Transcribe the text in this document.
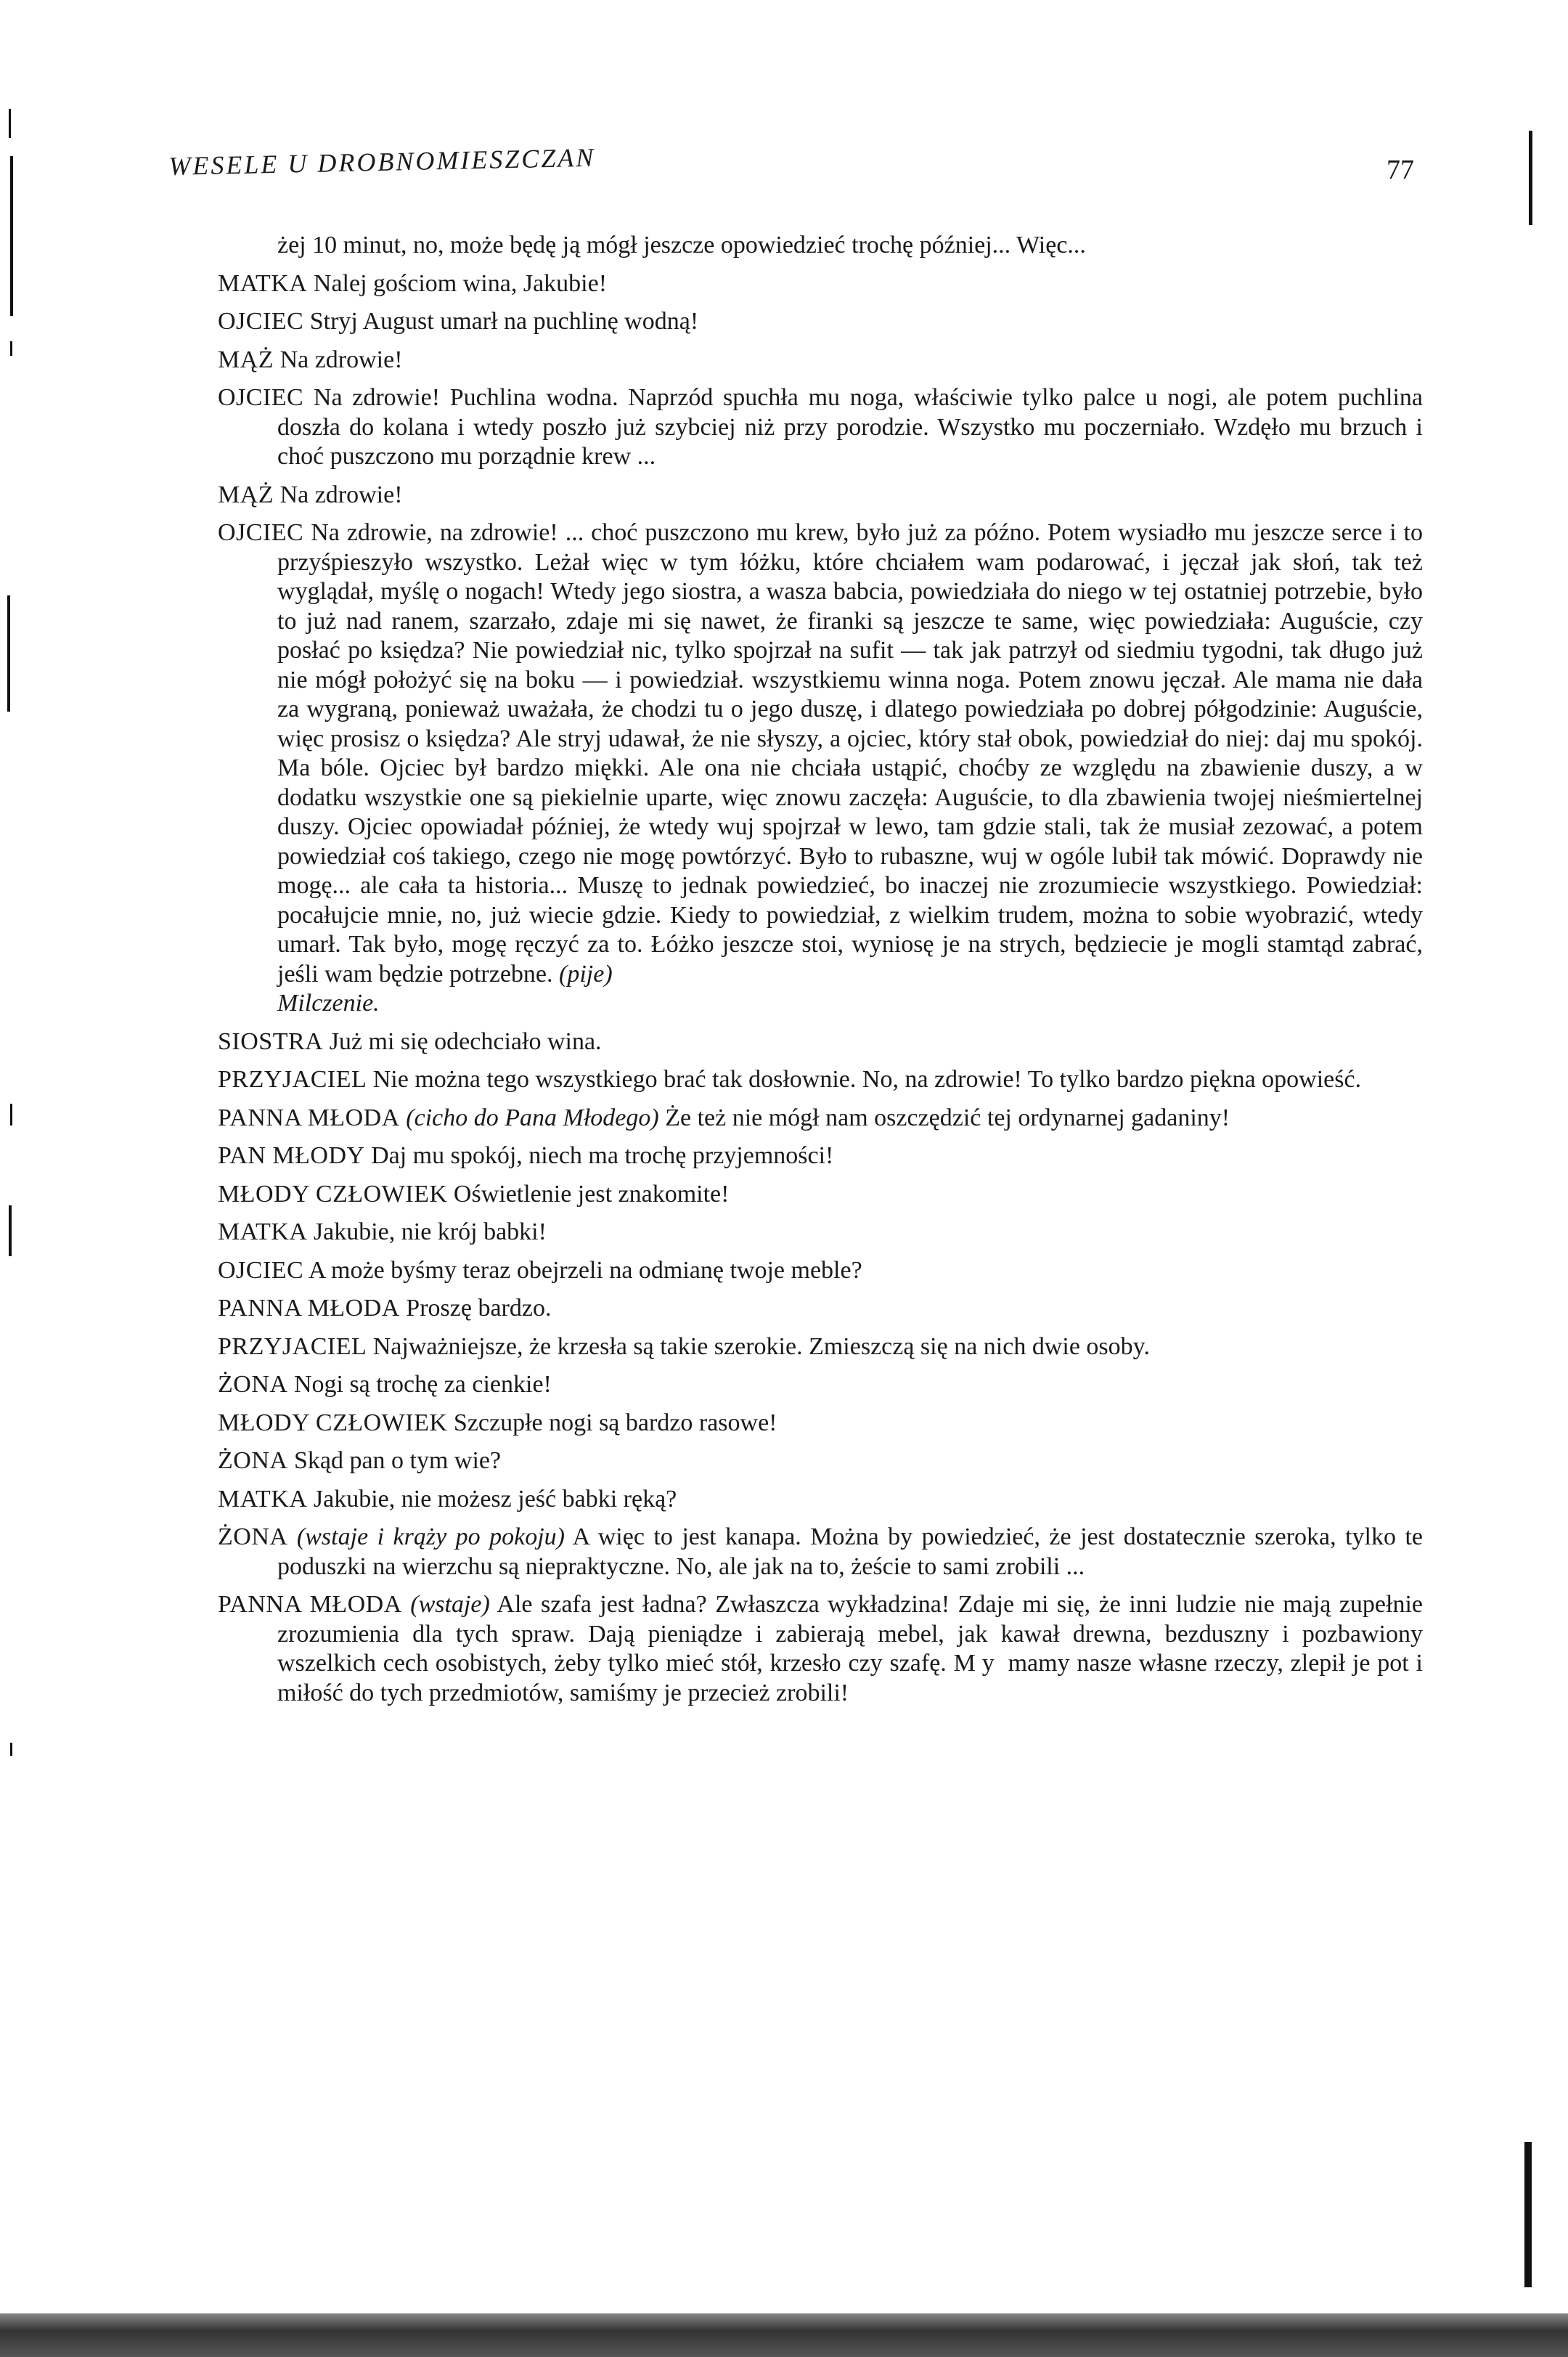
WESELE U DROBNOMIESZCZAN	77

żej 10 minut, no, może będę ją mógł jeszcze opowiedzieć trochę później... Więc...

MATKA Nalej gościom wina, Jakubie!

OJCIEC Stryj August umarł na puchlinę wodną!

MĄŻ Na zdrowie!

OJCIEC Na zdrowie! Puchlina wodna. Naprzód spuchła mu noga, właściwie tylko palce u nogi, ale potem puchlina doszła do kolana i wtedy poszło już szybciej niż przy porodzie. Wszystko mu poczerniało. Wzdęło mu brzuch i choć puszczono mu porządnie krew ...

MĄŻ Na zdrowie!

OJCIEC Na zdrowie, na zdrowie! ... choć puszczono mu krew, było już za późno. Potem wysiadło mu jeszcze serce i to przyśpieszyło wszystko. Leżał więc w tym łóżku, które chciałem wam podarować, i jęczał jak słoń, tak też wyglądał, myślę o nogach! Wtedy jego siostra, a wasza babcia, powiedziała do niego w tej ostatniej potrzebie, było to już nad ranem, szarzało, zdaje mi się nawet, że firanki są jeszcze te same, więc powiedziała: Auguście, czy posłać po księdza? Nie powiedział nic, tylko spojrzał na sufit — tak jak patrzył od siedmiu tygodni, tak długo już nie mógł położyć się na boku — i powiedział. wszystkiemu winna noga. Potem znowu jęczał. Ale mama nie dała za wygraną, ponieważ uważała, że chodzi tu o jego duszę, i dlatego powiedziała po dobrej półgodzinie: Auguście, więc prosisz o księdza? Ale stryj udawał, że nie słyszy, a ojciec, który stał obok, powiedział do niej: daj mu spokój. Ma bóle. Ojciec był bardzo miękki. Ale ona nie chciała ustąpić, choćby ze względu na zbawienie duszy, a w dodatku wszystkie one są piekielnie uparte, więc znowu zaczęła: Auguście, to dla zbawienia twojej nieśmiertelnej duszy. Ojciec opowiadał później, że wtedy wuj spojrzał w lewo, tam gdzie stali, tak że musiał zezować, a potem powiedział coś takiego, czego nie mogę powtórzyć. Było to rubaszne, wuj w ogóle lubił tak mówić. Doprawdy nie mogę... ale cała ta historia... Muszę to jednak powiedzieć, bo inaczej nie zrozumiecie wszystkiego. Powiedział: pocałujcie mnie, no, już wiecie gdzie. Kiedy to powiedział, z wielkim trudem, można to sobie wyobrazić, wtedy umarł. Tak było, mogę ręczyć za to. Łóżko jeszcze stoi, wyniosę je na strych, będziecie je mogli stamtąd zabrać, jeśli wam będzie potrzebne. (pije)

Milczenie.

SIOSTRA Już mi się odechciało wina.

PRZYJACIEL Nie można tego wszystkiego brać tak dosłownie. No, na zdrowie! To tylko bardzo piękna opowieść.

PANNA MŁODA (cicho do Pana Młodego) Że też nie mógł nam oszczędzić tej ordynarnej gadaniny!

PAN MŁODY Daj mu spokój, niech ma trochę przyjemności!

MŁODY CZŁOWIEK Oświetlenie jest znakomite!

MATKA Jakubie, nie krój babki!

OJCIEC A może byśmy teraz obejrzeli na odmianę twoje meble?

PANNA MŁODA Proszę bardzo.

PRZYJACIEL Najważniejsze, że krzesła są takie szerokie. Zmieszczą się na nich dwie osoby.

ŻONA Nogi są trochę za cienkie!

MŁODY CZŁOWIEK Szczupłe nogi są bardzo rasowe!

ŻONA Skąd pan o tym wie?

MATKA Jakubie, nie możesz jeść babki ręką?

ŻONA (wstaje i krąży po pokoju) A więc to jest kanapa. Można by powiedzieć, że jest dostatecznie szeroka, tylko te poduszki na wierzchu są niepraktyczne. No, ale jak na to, żeście to sami zrobili ...

PANNA MŁODA (wstaje) Ale szafa jest ładna? Zwłaszcza wykładzina! Zdaje mi się, że inni ludzie nie mają zupełnie zrozumienia dla tych spraw. Dają pieniądze i zabierają mebel, jak kawał drewna, bezduszny i pozbawiony wszelkich cech osobistych, żeby tylko mieć stół, krzesło czy szafę. My mamy nasze własne rzeczy, zlepił je pot i miłość do tych przedmiotów, samiśmy je przecież zrobili!
